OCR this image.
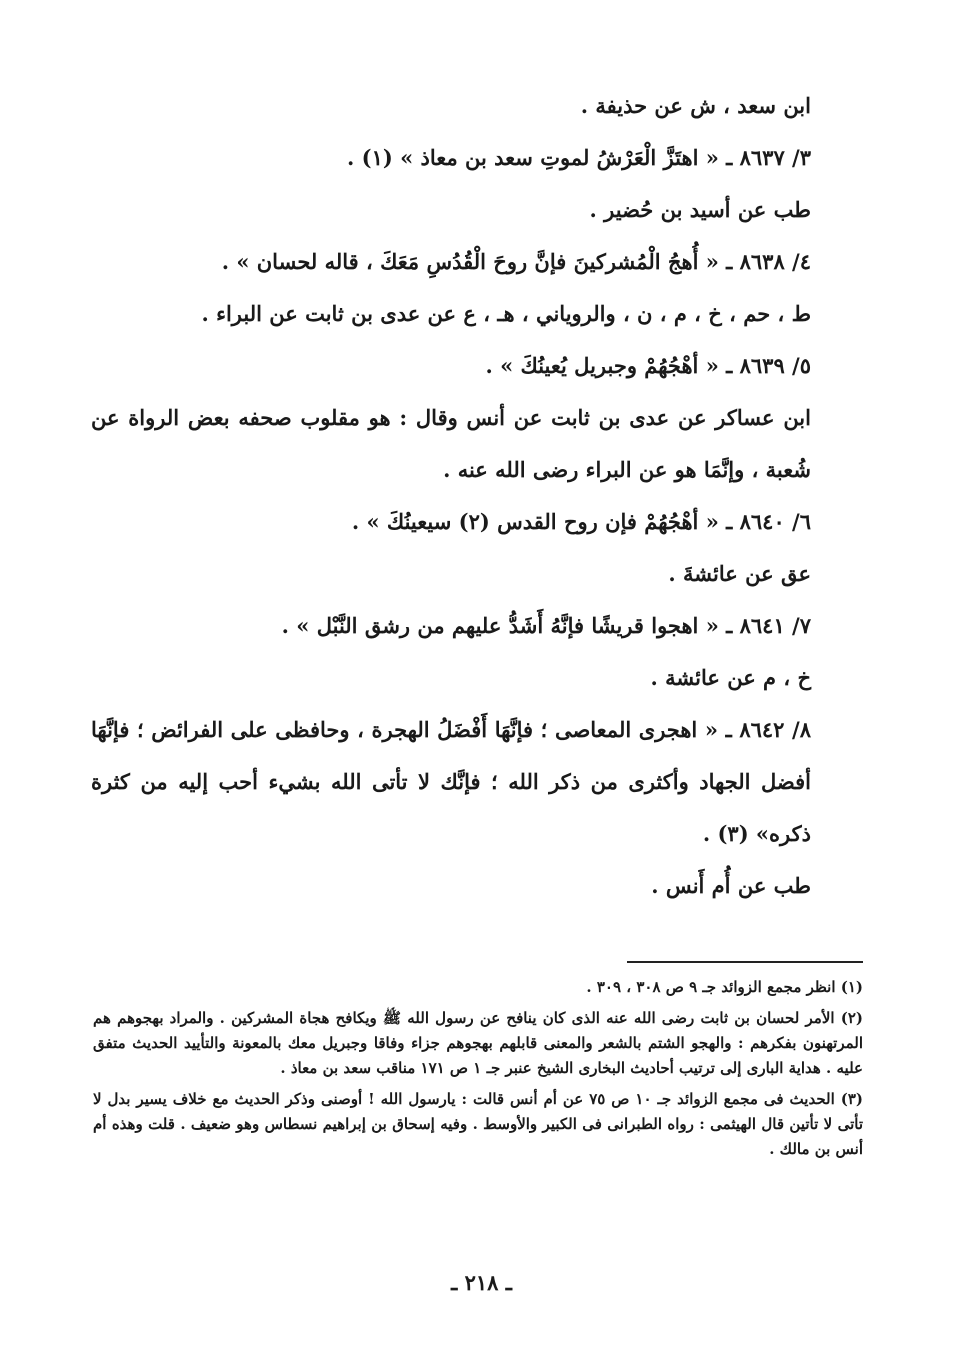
ابن سعد ، ش عن حذيفة .
٣/ ٨٦٣٧ ـ « اهتَزَّ الْعَرْشُ لموتِ سعد بن معاذ » (١) .
طب عن أسيد بن حُضير .
٤/ ٨٦٣٨ ـ « أُهجُ الْمُشركينَ فإنَّ روحَ الْقُدُسِ مَعَكَ ، قاله لحسان » .
ط ، حم ، خ ، م ، ن ، والروياني ، هـ ، ع عن عدى بن ثابت عن البراء .
٥/ ٨٦٣٩ ـ « أهْجُهُمْ وجبريل يُعينُكَ » .
ابن عساكر عن عدى بن ثابت عن أنس وقال : هو مقلوب صحفه بعض الرواة عن شُعبة ، وإنَّمَا هو عن البراء رضى الله عنه .
٦/ ٨٦٤٠ ـ « أهْجُهُمْ فإن روح القدس (٢) سيعينُكَ » .
عق عن عائشةَ .
٧/ ٨٦٤١ ـ « اهجوا قريشًا فإنَّهُ أَشَدُّ عليهم من رشق النَّبْل » .
خ ، م عن عائشة .
٨/ ٨٦٤٢ ـ « اهجرى المعاصى ؛ فإنَّهَا أَفْضَلُ الهجرة ، وحافظى على الفرائض ؛ فإنَّهَا أفضل الجهاد وأكثرى من ذكر الله ؛ فإنَّك لا تأتى الله بشيء أحب إليه من كثرة ذكره» (٣) .
طب عن أُم أَنس .
(١) انظر مجمع الزوائد جـ ٩ ص ٣٠٨ ، ٣٠٩ .
(٢) الأمر لحسان بن ثابت رضى الله عنه الذى كان ينافح عن رسول الله ﷺ ويكافح هجاة المشركين . والمراد بهجوهم هم المرتهنون بفكرهم : والهجو الشتم بالشعر والمعنى قابلهم بهجوهم جزاء وفاقا وجبريل معك بالمعونة والتأييد الحديث متفق عليه . هداية البارى إلى ترتيب أحاديث البخارى الشيخ عنبر جـ ١ ص ١٧١ مناقب سعد بن معاذ .
(٣) الحديث فى مجمع الزوائد جـ ١٠ ص ٧٥ عن أم أنس قالت : يارسول الله ! أوصنى وذكر الحديث مع خلاف يسير بدل لا تأتى لا تأتين قال الهيثمى : رواه الطبرانى فى الكبير والأوسط . وفيه إسحاق بن إبراهيم نسطاس وهو ضعيف . قلت وهذه أم أنس بن مالك .
ـ ٢١٨ ـ
